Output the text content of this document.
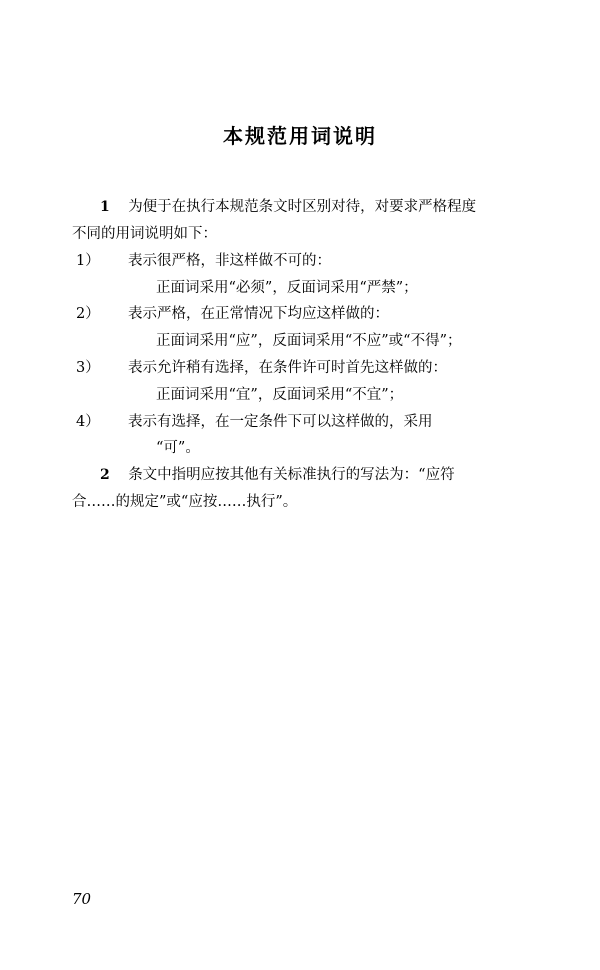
本规范用词说明
1 为便于在执行本规范条文时区别对待，对要求严格程度
不同的用词说明如下：
1） 表示很严格，非这样做不可的：
正面词采用“必须”，反面词采用“严禁”；
2） 表示严格，在正常情况下均应这样做的：
正面词采用“应”，反面词采用“不应”或“不得”；
3） 表示允许稍有选择，在条件许可时首先这样做的：
正面词采用“宜”，反面词采用“不宜”；
4） 表示有选择，在一定条件下可以这样做的，采用
“可”。
2 条文中指明应按其他有关标准执行的写法为：“应符
合……的规定”或“应按……执行”。
70
